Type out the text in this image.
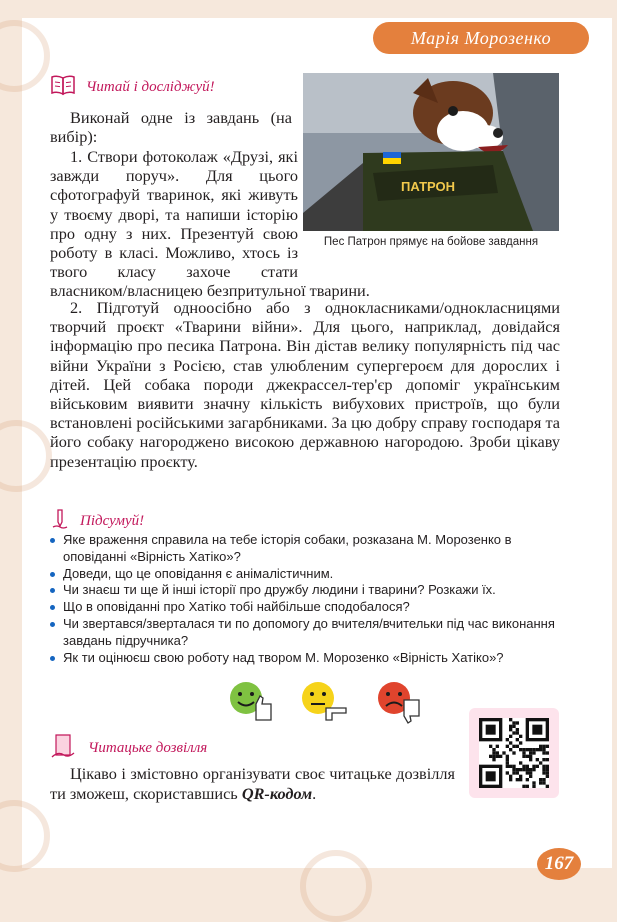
Марія Морозенко
Читай і досліджуй!
Виконай одне із завдань (на вибір):
1. Створи фотоколаж «Друзі, які завжди поруч». Для цього сфотографуй тваринок, які живуть у твоєму дворі, та напиши історію про одну з них. Презентуй свою роботу в класі. Можливо, хтось із твого класу захоче стати власником/власницею безпритульної тварини.
2. Підготуй одноосібно або з однокласниками/однокласницями творчий проєкт «Тварини війни». Для цього, наприклад, довідайся інформацію про песика Патрона. Він дістав велику популярність під час війни України з Росією, став улюбленим супергероєм для дорослих і дітей. Цей собака породи джекрассел-тер'єр допоміг українським військовим виявити значну кількість вибухових пристроїв, що були встановлені російськими загарбниками. За цю добру справу господаря та його собаку нагороджено високою державною нагородою. Зроби цікаву презентацію проєкту.
ПАТРОН
Пес Патрон прямує на бойове завдання
Підсумуй!
Яке враження справила на тебе історія собаки, розказана М. Морозенко в оповіданні «Вірність Хатіко»?
Доведи, що це оповідання є анімалістичним.
Чи знаєш ти ще й інші історії про дружбу людини і тварини? Розкажи їх.
Що в оповіданні про Хатіко тобі найбільше сподобалося?
Чи звертався/зверталася ти по допомогу до вчителя/вчительки під час виконання завдань підручника?
Як ти оцінюєш свою роботу над твором М. Морозенко «Вірність Хатіко»?
Читацьке дозвілля
Цікаво і змістовно організувати своє читацьке дозвілля ти зможеш, скориставшись QR-кодом.
167
